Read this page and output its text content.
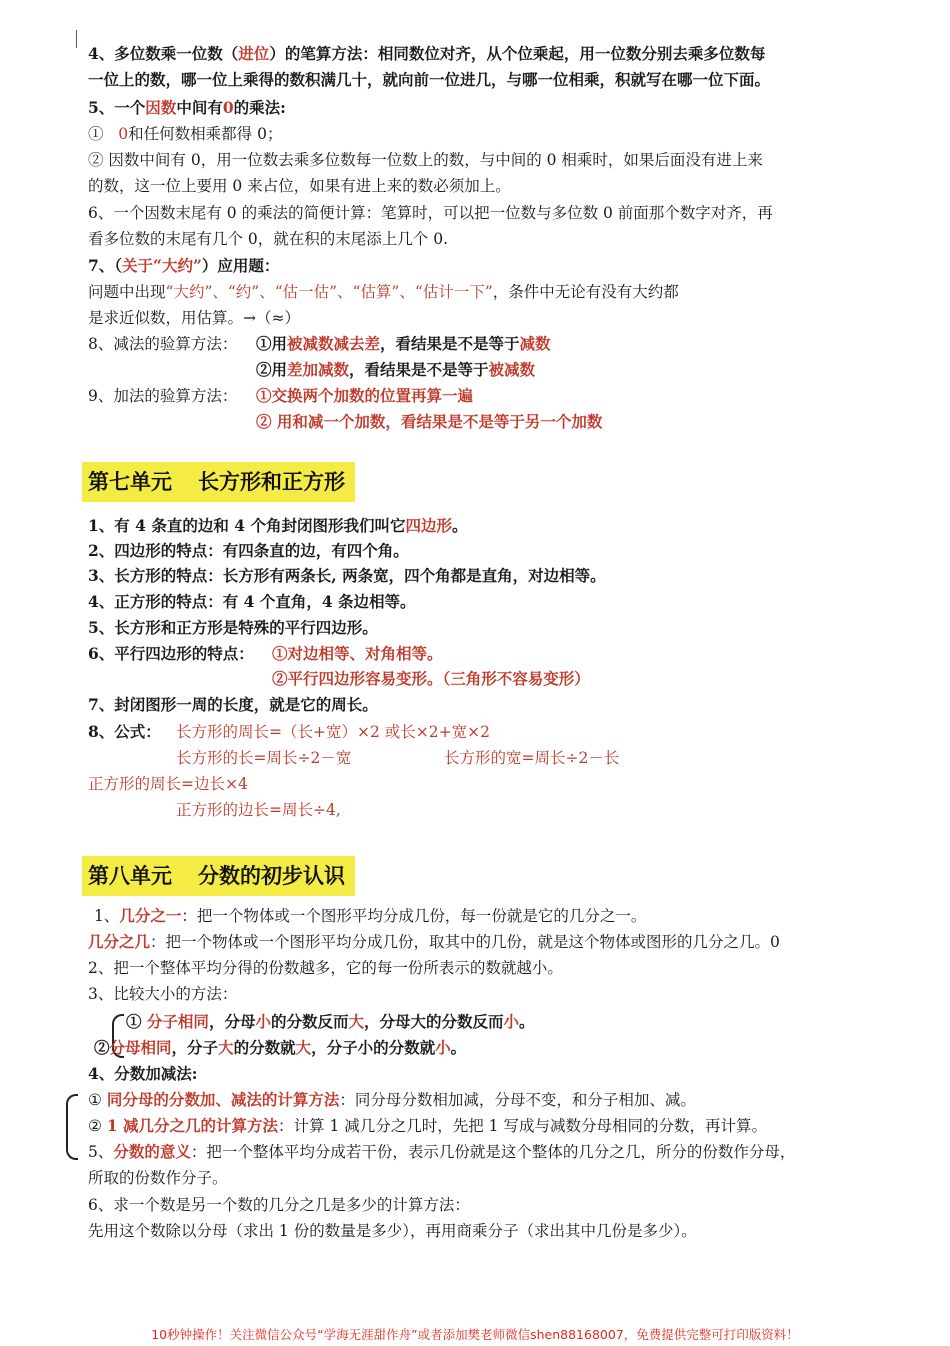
4、多位数乘一位数（进位）的笔算方法：相同数位对齐，从个位乘起，用一位数分别去乘多位数每
一位上的数，哪一位上乘得的数积满几十，就向前一位进几，与哪一位相乘，积就写在哪一位下面。
5、一个因数中间有0的乘法:
① 0和任何数相乘都得 0；
② 因数中间有 0，用一位数去乘多位数每一位数上的数，与中间的 0 相乘时，如果后面没有进上来
的数，这一位上要用 0 来占位，如果有进上来的数必须加上。
6、一个因数末尾有 0 的乘法的简便计算：笔算时，可以把一位数与多位数 0 前面那个数字对齐，再
看多位数的末尾有几个 0，就在积的末尾添上几个 0.
7、（关于“大约”）应用题：
问题中出现“大约”、“约”、“估一估”、“估算”、“估计一下”，条件中无论有没有大约都
是求近似数，用估算。→（≈）
8、减法的验算方法： ①用被减数减去差，看结果是不是等于减数
②用差加减数，看结果是不是等于被减数
9、加法的验算方法： ①交换两个加数的位置再算一遍
② 用和减一个加数，看结果是不是等于另一个加数
第七单元 长方形和正方形
1、有 4 条直的边和 4 个角封闭图形我们叫它四边形。
2、四边形的特点：有四条直的边，有四个角。
3、长方形的特点：长方形有两条长, 两条宽，四个角都是直角，对边相等。
4、正方形的特点：有 4 个直角，4 条边相等。
5、长方形和正方形是特殊的平行四边形。
6、平行四边形的特点： ①对边相等、对角相等。
②平行四边形容易变形。（三角形不容易变形）
7、封闭图形一周的长度，就是它的周长。
8、公式： 长方形的周长=（长+宽）×2 或长×2+宽×2
长方形的长=周长÷2－宽	长方形的宽=周长÷2－长
正方形的周长=边长×4
正方形的边长=周长÷4,
第八单元 分数的初步认识
1、几分之一：把一个物体或一个图形平均分成几份，每一份就是它的几分之一。
几分之几：把一个物体或一个图形平均分成几份，取其中的几份，就是这个物体或图形的几分之几。0
2、把一个整体平均分得的份数越多，它的每一份所表示的数就越小。
3、比较大小的方法：
① 分子相同，分母小的分数反而大，分母大的分数反而小。
②分母相同，分子大的分数就大，分子小的分数就小。
4、分数加减法:
① 同分母的分数加、减法的计算方法：同分母分数相加减，分母不变，和分子相加、减。
② 1 减几分之几的计算方法：计算 1 减几分之几时，先把 1 写成与减数分母相同的分数，再计算。
5、分数的意义：把一个整体平均分成若干份，表示几份就是这个整体的几分之几，所分的份数作分母，
所取的份数作分子。
6、求一个数是另一个数的几分之几是多少的计算方法：
先用这个数除以分母（求出 1 份的数量是多少），再用商乘分子（求出其中几份是多少）。
10秒钟操作！关注微信公众号“学海无涯甜作舟”或者添加樊老师微信shen88168007，免费提供完整可打印版资料！
